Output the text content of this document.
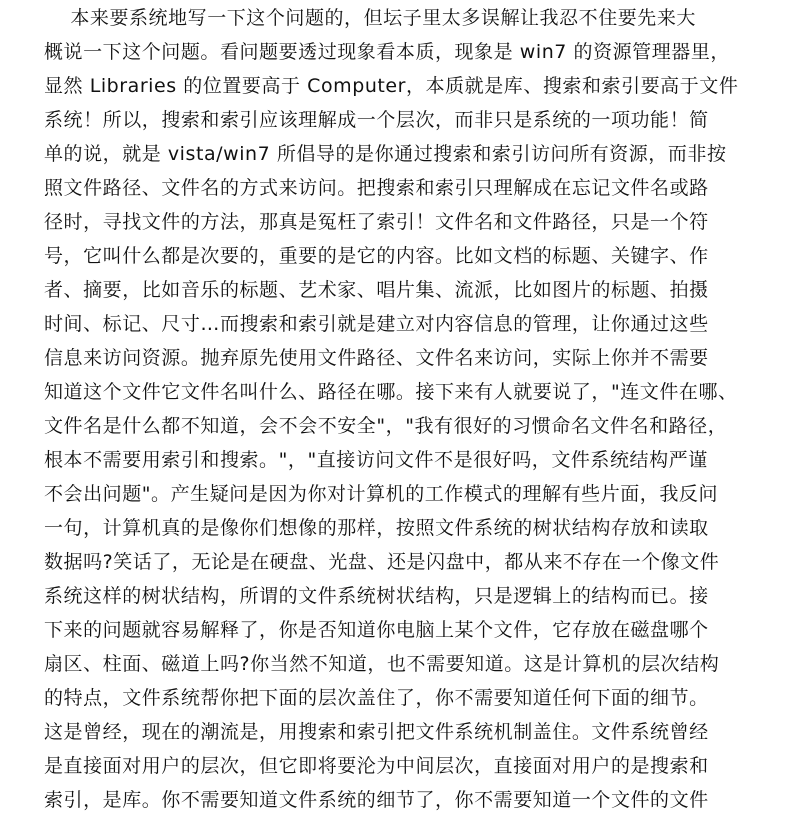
本来要系统地写一下这个问题的，但坛子里太多误解让我忍不住要先来大
概说一下这个问题。看问题要透过现象看本质，现象是 win7 的资源管理器里，
显然 Libraries 的位置要高于 Computer，本质就是库、搜索和索引要高于文件
系统！所以，搜索和索引应该理解成一个层次，而非只是系统的一项功能！简
单的说，就是 vista/win7 所倡导的是你通过搜索和索引访问所有资源，而非按
照文件路径、文件名的方式来访问。把搜索和索引只理解成在忘记文件名或路
径时，寻找文件的方法，那真是冤枉了索引！文件名和文件路径，只是一个符
号，它叫什么都是次要的，重要的是它的内容。比如文档的标题、关键字、作
者、摘要，比如音乐的标题、艺术家、唱片集、流派，比如图片的标题、拍摄
时间、标记、尺寸…而搜索和索引就是建立对内容信息的管理，让你通过这些
信息来访问资源。抛弃原先使用文件路径、文件名来访问，实际上你并不需要
知道这个文件它文件名叫什么、路径在哪。接下来有人就要说了，"连文件在哪、
文件名是什么都不知道，会不会不安全"，"我有很好的习惯命名文件名和路径，
根本不需要用索引和搜索。"，"直接访问文件不是很好吗，文件系统结构严谨
不会出问题"。产生疑问是因为你对计算机的工作模式的理解有些片面，我反问
一句，计算机真的是像你们想像的那样，按照文件系统的树状结构存放和读取
数据吗?笑话了，无论是在硬盘、光盘、还是闪盘中，都从来不存在一个像文件
系统这样的树状结构，所谓的文件系统树状结构，只是逻辑上的结构而已。接
下来的问题就容易解释了，你是否知道你电脑上某个文件，它存放在磁盘哪个
扇区、柱面、磁道上吗?你当然不知道，也不需要知道。这是计算机的层次结构
的特点，文件系统帮你把下面的层次盖住了，你不需要知道任何下面的细节。
这是曾经，现在的潮流是，用搜索和索引把文件系统机制盖住。文件系统曾经
是直接面对用户的层次，但它即将要沦为中间层次，直接面对用户的是搜索和
索引，是库。你不需要知道文件系统的细节了，你不需要知道一个文件的文件
